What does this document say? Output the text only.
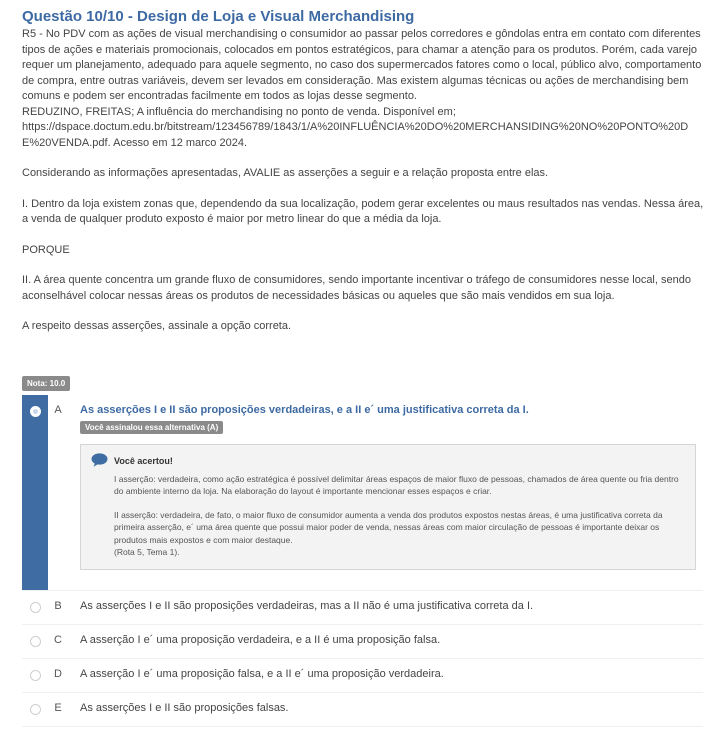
Questão 10/10 - Design de Loja e Visual Merchandising

R5 - No PDV com as ações de visual merchandising o consumidor ao passar pelos corredores e gôndolas entra em contato com diferentes tipos de ações e materiais promocionais, colocados em pontos estratégicos, para chamar a atenção para os produtos. Porém, cada varejo requer um planejamento, adequado para aquele segmento, no caso dos supermercados fatores como o local, público alvo, comportamento de compra, entre outras variáveis, devem ser levados em consideração. Mas existem algumas técnicas ou ações de merchandising bem comuns e podem ser encontradas facilmente em todos as lojas desse segmento.

REDUZINO, FREITAS; A influência do merchandising no ponto de venda. Disponível em;

https://dspace.doctum.edu.br/bitstream/123456789/1843/1/A%20INFLUÊNCIA%20DO%20MERCHANSIDING%20NO%20PONTO%20DE%20VENDA.pdf. Acesso em 12 marco 2024.

Considerando as informações apresentadas, AVALIE as asserções a seguir e a relação proposta entre elas.

I. Dentro da loja existem zonas que, dependendo da sua localização, podem gerar excelentes ou maus resultados nas vendas. Nessa área, a venda de qualquer produto exposto é maior por metro linear do que a média da loja.

PORQUE

II. A área quente concentra um grande fluxo de consumidores, sendo importante incentivar o tráfego de consumidores nesse local, sendo aconselhável colocar nessas áreas os produtos de necessidades básicas ou aqueles que são mais vendidos em sua loja.

A respeito dessas asserções, assinale a opção correta.

Nota: 10.0
A	As asserções I e II são proposições verdadeiras, e a II e´ uma justificativa correta da I.
Você assinalou essa alternativa (A)
Você acertou!

I asserção: verdadeira, como ação estratégica é possível delimitar áreas espaços de maior fluxo de pessoas, chamados de área quente ou fria dentro do ambiente interno da loja. Na elaboração do layout é importante mencionar esses espaços e criar.

II asserção: verdadeira, de fato, o maior fluxo de consumidor aumenta a venda dos produtos expostos nestas áreas, é uma justificativa correta da primeira asserção, e´ uma área quente que possui maior poder de venda, nessas áreas com maior circulação de pessoas é importante deixar os produtos mais expostos e com maior destaque.

(Rota 5, Tema 1).

B	As asserções I e II são proposições verdadeiras, mas a II não é uma justificativa correta da I.
C	A asserção I e´ uma proposição verdadeira, e a II é uma proposição falsa.
D	A asserção I e´ uma proposição falsa, e a II e´ uma proposição verdadeira.
E	As asserções I e II são proposições falsas.
